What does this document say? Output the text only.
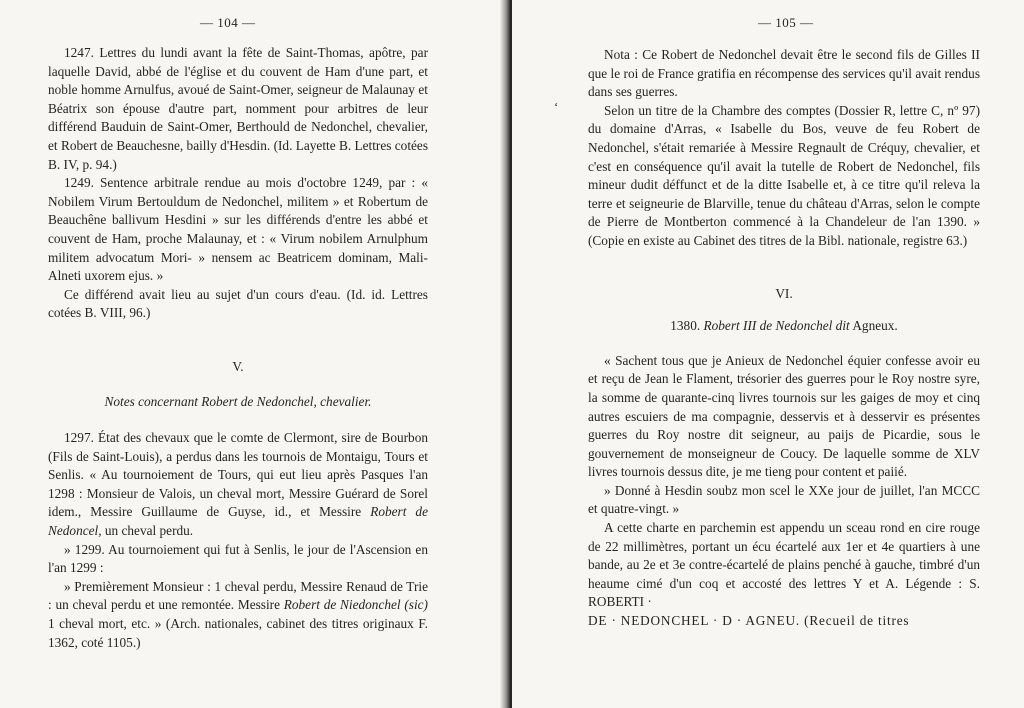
— 104 —

1247. Lettres du lundi avant la fête de Saint-Thomas, apôtre, par laquelle David, abbé de l'église et du couvent de Ham d'une part, et noble homme Arnulfus, avoué de Saint-Omer, seigneur de Malaunay et Béatrix son épouse d'autre part, nomment pour arbitres de leur différend Bauduin de Saint-Omer, Berthould de Nedonchel, chevalier, et Robert de Beauchesne, bailly d'Hesdin. (Id. Layette B. Lettres cotées B. IV, p. 94.)

1249. Sentence arbitrale rendue au mois d'octobre 1249, par : « Nobilem Virum Bertouldum de Nedonchel, militem » et Robertum de Beauchêne ballivum Hesdini » sur les différends d'entre les abbé et couvent de Ham, proche Malaunay, et : « Virum nobilem Arnulphum militem advocatum Mori- » nensem ac Beatricem dominam, Mali-Alneti uxorem ejus. »

Ce différend avait lieu au sujet d'un cours d'eau. (Id. id. Lettres cotées B. VIII, 96.)

V.

Notes concernant Robert de Nedonchel, chevalier.

1297. État des chevaux que le comte de Clermont, sire de Bourbon (Fils de Saint-Louis), a perdus dans les tournois de Montaigu, Tours et Senlis. « Au tournoiement de Tours, qui eut lieu après Pasques l'an 1298 : Monsieur de Valois, un cheval mort, Messire Guérard de Sorel idem., Messire Guillaume de Guyse, id., et Messire Robert de Nedoncel, un cheval perdu.

» 1299. Au tournoiement qui fut à Senlis, le jour de l'Ascension en l'an 1299 :

» Premièrement Monsieur : 1 cheval perdu, Messire Renaud de Trie : un cheval perdu et une remontée. Messire Robert de Niedonchel (sic) 1 cheval mort, etc. » (Arch. nationales, cabinet des titres originaux F. 1362, coté 1105.)

— 105 —
‘

Nota : Ce Robert de Nedonchel devait être le second fils de Gilles II que le roi de France gratifia en récompense des services qu'il avait rendus dans ses guerres.

Selon un titre de la Chambre des comptes (Dossier R, lettre C, nº 97) du domaine d'Arras, « Isabelle du Bos, veuve de feu Robert de Nedonchel, s'était remariée à Messire Regnault de Créquy, chevalier, et c'est en conséquence qu'il avait la tutelle de Robert de Nedonchel, fils mineur dudit déffunct et de la ditte Isabelle et, à ce titre qu'il releva la terre et seigneurie de Blarville, tenue du château d'Arras, selon le compte de Pierre de Montberton commencé à la Chandeleur de l'an 1390. » (Copie en existe au Cabinet des titres de la Bibl. nationale, registre 63.)

VI.

1380. Robert III de Nedonchel dit Agneux.

« Sachent tous que je Anieux de Nedonchel équier confesse avoir eu et reçu de Jean le Flament, trésorier des guerres pour le Roy nostre syre, la somme de quarante-cinq livres tournois sur les gaiges de moy et cinq autres escuiers de ma compagnie, desservis et à desservir es présentes guerres du Roy nostre dit seigneur, au paijs de Picardie, sous le gouvernement de monseigneur de Coucy. De laquelle somme de XLV livres tournois dessus dite, je me tieng pour content et paiié.

» Donné à Hesdin soubz mon scel le XXe jour de juillet, l'an MCCC et quatre-vingt. »

A cette charte en parchemin est appendu un sceau rond en cire rouge de 22 millimètres, portant un écu écartelé aux 1er et 4e quartiers à une bande, au 2e et 3e contre-écartelé de plains penché à gauche, timbré d'un heaume cimé d'un coq et accosté des lettres Y et A. Légende : S. ROBERTI ·

DE · NEDONCHEL · D · AGNEU. (Recueil de titres
